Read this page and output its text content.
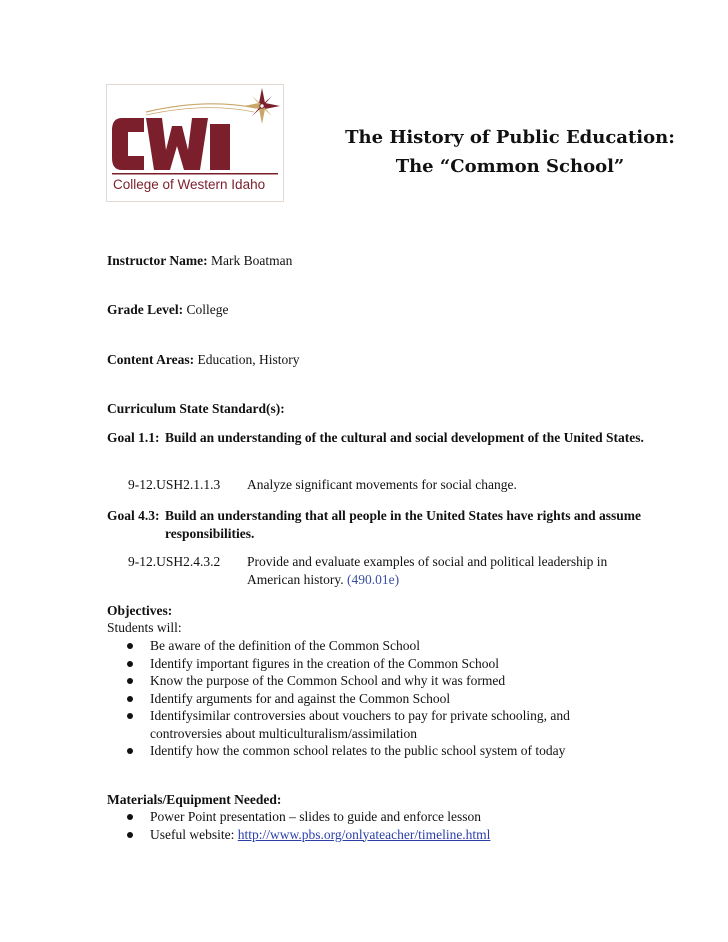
College of Western Idaho
The History of Public Education:
The “Common School”
Instructor Name: Mark Boatman
Grade Level: College
Content Areas: Education, History
Curriculum State Standard(s):
Goal 1.1: Build an understanding of the cultural and social development of the United States.
9-12.USH2.1.1.3	Analyze significant movements for social change.
Goal 4.3: Build an understanding that all people in the United States have rights and assume responsibilities.
9-12.USH2.4.3.2	Provide and evaluate examples of social and political leadership in American history. (490.01e)
Objectives:
Students will:
Be aware of the definition of the Common School
Identify important figures in the creation of the Common School
Know the purpose of the Common School and why it was formed
Identify arguments for and against the Common School
Identifysimilar controversies about vouchers to pay for private schooling, and controversies about multiculturalism/assimilation
Identify how the common school relates to the public school system of today
Materials/Equipment Needed:
Power Point presentation – slides to guide and enforce lesson
Useful website: http://www.pbs.org/onlyateacher/timeline.html
